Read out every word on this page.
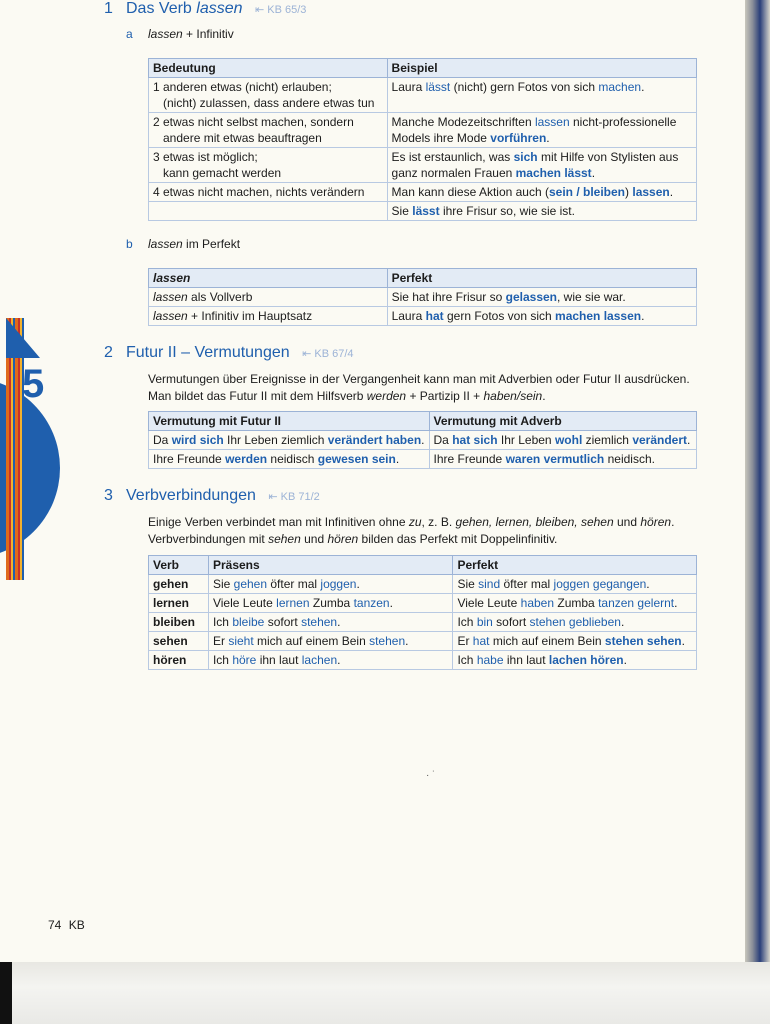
5
1 Das Verb lassen ⇤ KB 65/3
a lassen + Infinitiv
Bedeutung	Beispiel
1 anderen etwas (nicht) erlauben;
(nicht) zulassen, dass andere etwas tun	Laura lässt (nicht) gern Fotos von sich machen.
2 etwas nicht selbst machen, sondern
andere mit etwas beauftragen	Manche Modezeitschriften lassen nicht-professionelle
Models ihre Mode vorführen.
3 etwas ist möglich;
kann gemacht werden	Es ist erstaunlich, was sich mit Hilfe von Stylisten aus
ganz normalen Frauen machen lässt.
4 etwas nicht machen, nichts verändern	Man kann diese Aktion auch (sein / bleiben) lassen.
	Sie lässt ihre Frisur so, wie sie ist.
b lassen im Perfekt
lassen	Perfekt
lassen als Vollverb	Sie hat ihre Frisur so gelassen, wie sie war.
lassen + Infinitiv im Hauptsatz	Laura hat gern Fotos von sich machen lassen.
2 Futur II – Vermutungen ⇤ KB 67/4
Vermutungen über Ereignisse in der Vergangenheit kann man mit Adverbien oder Futur II ausdrücken.
Man bildet das Futur II mit dem Hilfsverb werden + Partizip II + haben/sein.
Vermutung mit Futur II	Vermutung mit Adverb
Da wird sich Ihr Leben ziemlich verändert haben.	Da hat sich Ihr Leben wohl ziemlich verändert.
Ihre Freunde werden neidisch gewesen sein.	Ihre Freunde waren vermutlich neidisch.
3 Verbverbindungen ⇤ KB 71/2
Einige Verben verbindet man mit Infinitiven ohne zu, z. B. gehen, lernen, bleiben, sehen und hören.
Verbverbindungen mit sehen und hören bilden das Perfekt mit Doppelinfinitiv.
Verb	Präsens	Perfekt
gehen	Sie gehen öfter mal joggen.	Sie sind öfter mal joggen gegangen.
lernen	Viele Leute lernen Zumba tanzen.	Viele Leute haben Zumba tanzen gelernt.
bleiben	Ich bleibe sofort stehen.	Ich bin sofort stehen geblieben.
sehen	Er sieht mich auf einem Bein stehen.	Er hat mich auf einem Bein stehen sehen.
hören	Ich höre ihn laut lachen.	Ich habe ihn laut lachen hören.
· ˙
74 KB
